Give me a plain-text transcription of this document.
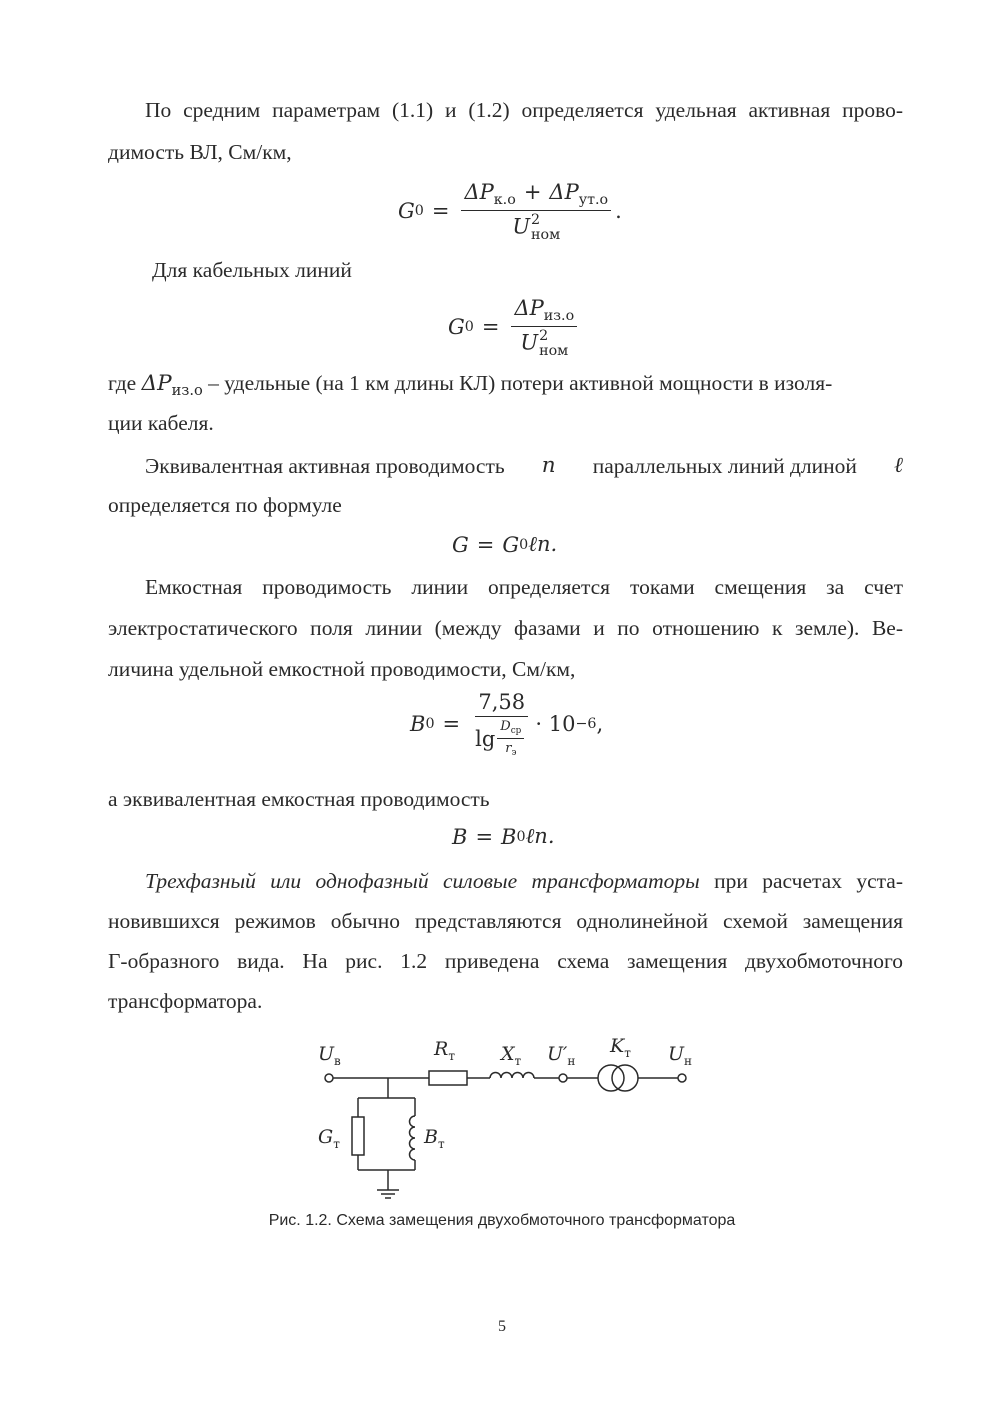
По средним параметрам (1.1) и (1.2) определяется удельная активная прово-
димость ВЛ, См/км,
G $0 = \Delta P_{к.о} + \Delta P_{ут.о}$
U 2
ном .
Для кабельных линий
G $0 = \Delta P_{из.о}$
U 2
ном
где $\Delta P_{из.о}$ – удельные (на 1 км длины КЛ) потери активной мощности в изоля-
ции кабеля.
Эквивалентная активная проводимость n параллельных линий длиной ℓ
определяется по формуле
G = G 0 ℓn.
Емкостная проводимость линии определяется токами смещения за счет
электростатического поля линии (между фазами и по отношению к земле). Ве-
личина удельной емкостной проводимости, См/км,
B $0 = \frac{7,58}{\lg \frac{D_{ср}}{r_э}} \cdot 10 -6$ ,
а эквивалентная емкостная проводимость
B = B 0 ℓn.
Трехфазный или однофазный силовые трансформаторы при расчетах уста-
новившихся режимов обычно представляются однолинейной схемой замещения
Г-образного вида. На рис. 1.2 приведена схема замещения двухобмоточного
трансформатора.
$U_в$
$R_т$ $X_т$ $U'_н$
$K_т$ $U_н$
$G_т$	$B_т$
Рис. 1.2. Схема замещения двухобмоточного трансформатора
5
